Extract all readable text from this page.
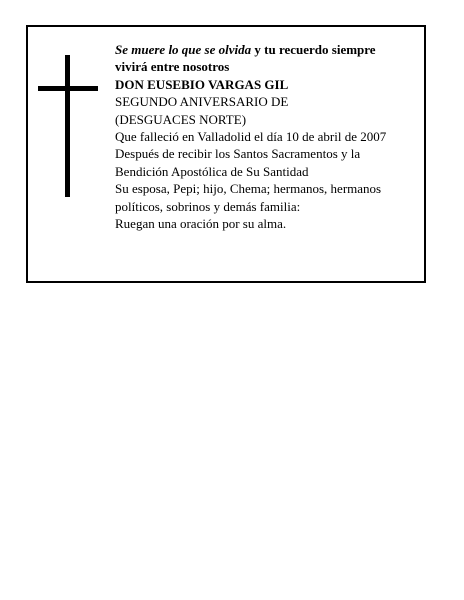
Se muere lo que se olvida y tu recuerdo siempre
vivirá entre nosotros
DON EUSEBIO VARGAS GIL
SEGUNDO ANIVERSARIO DE
(DESGUACES NORTE)
Que falleció en Valladolid el día 10 de abril de 2007
Después de recibir los Santos Sacramentos y la
Bendición Apostólica de Su Santidad
Su esposa, Pepi; hijo, Chema; hermanos, hermanos
políticos, sobrinos y demás familia:
Ruegan una oración por su alma.
